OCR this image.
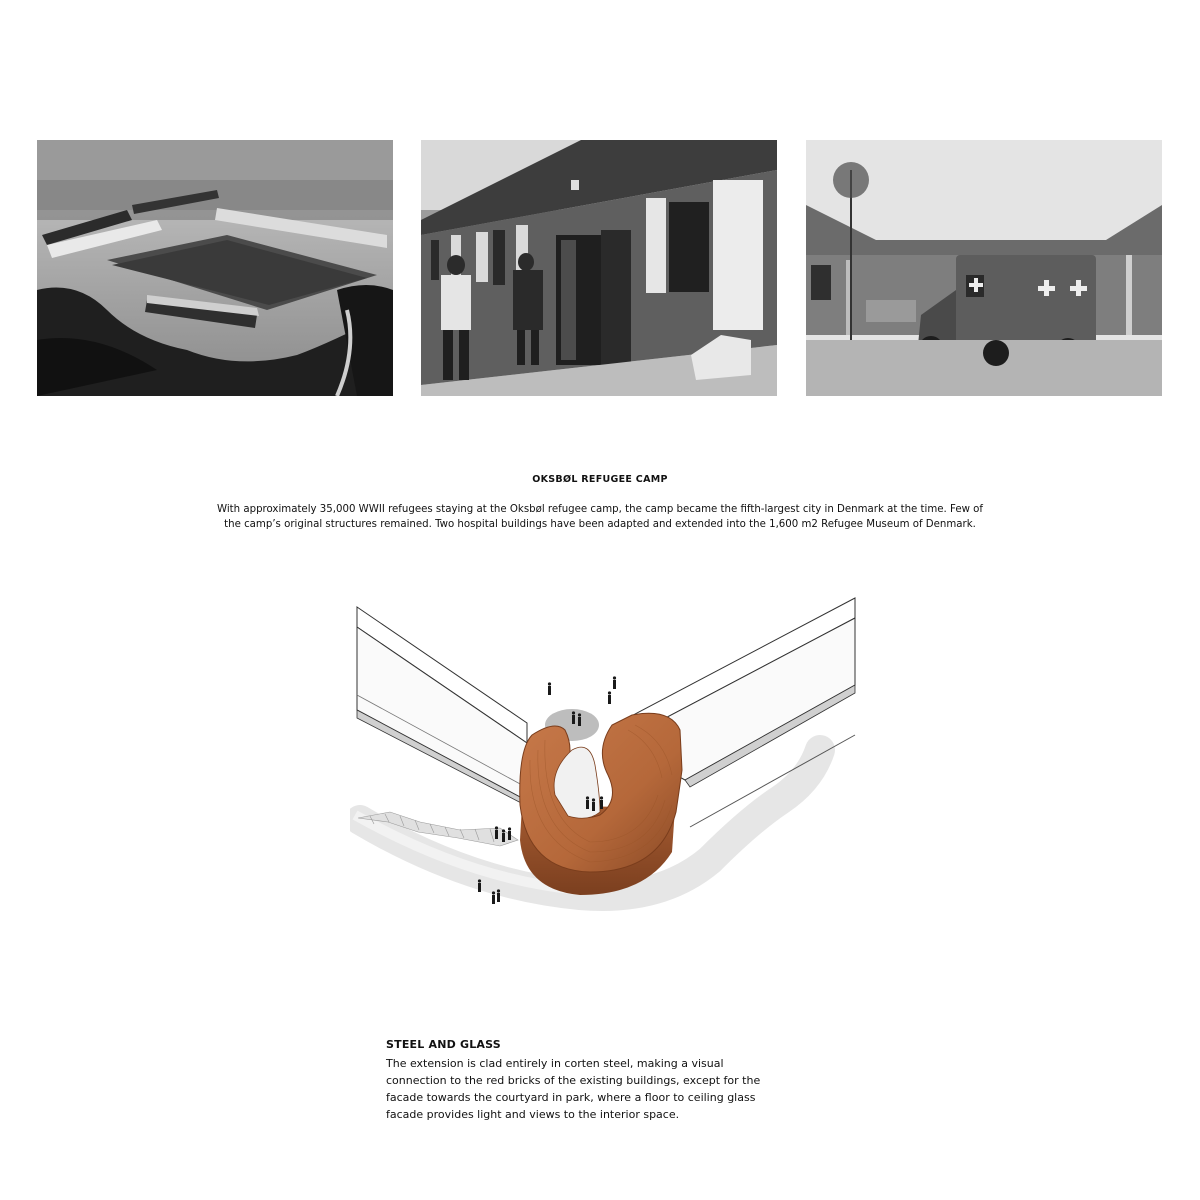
OKSBØL REFUGEE CAMP
With approximately 35,000 WWII refugees staying at the Oksbøl refugee camp, the camp became the fifth-largest city in Denmark at the time. Few of
the camp’s original structures remained. Two hospital buildings have been adapted and extended into the 1,600 m2 Refugee Museum of Denmark.
STEEL AND GLASS
The extension is clad entirely in corten steel, making a visual
connection to the red bricks of the existing buildings, except for the
facade towards the courtyard in park, where a floor to ceiling glass
facade provides light and views to the interior space.
